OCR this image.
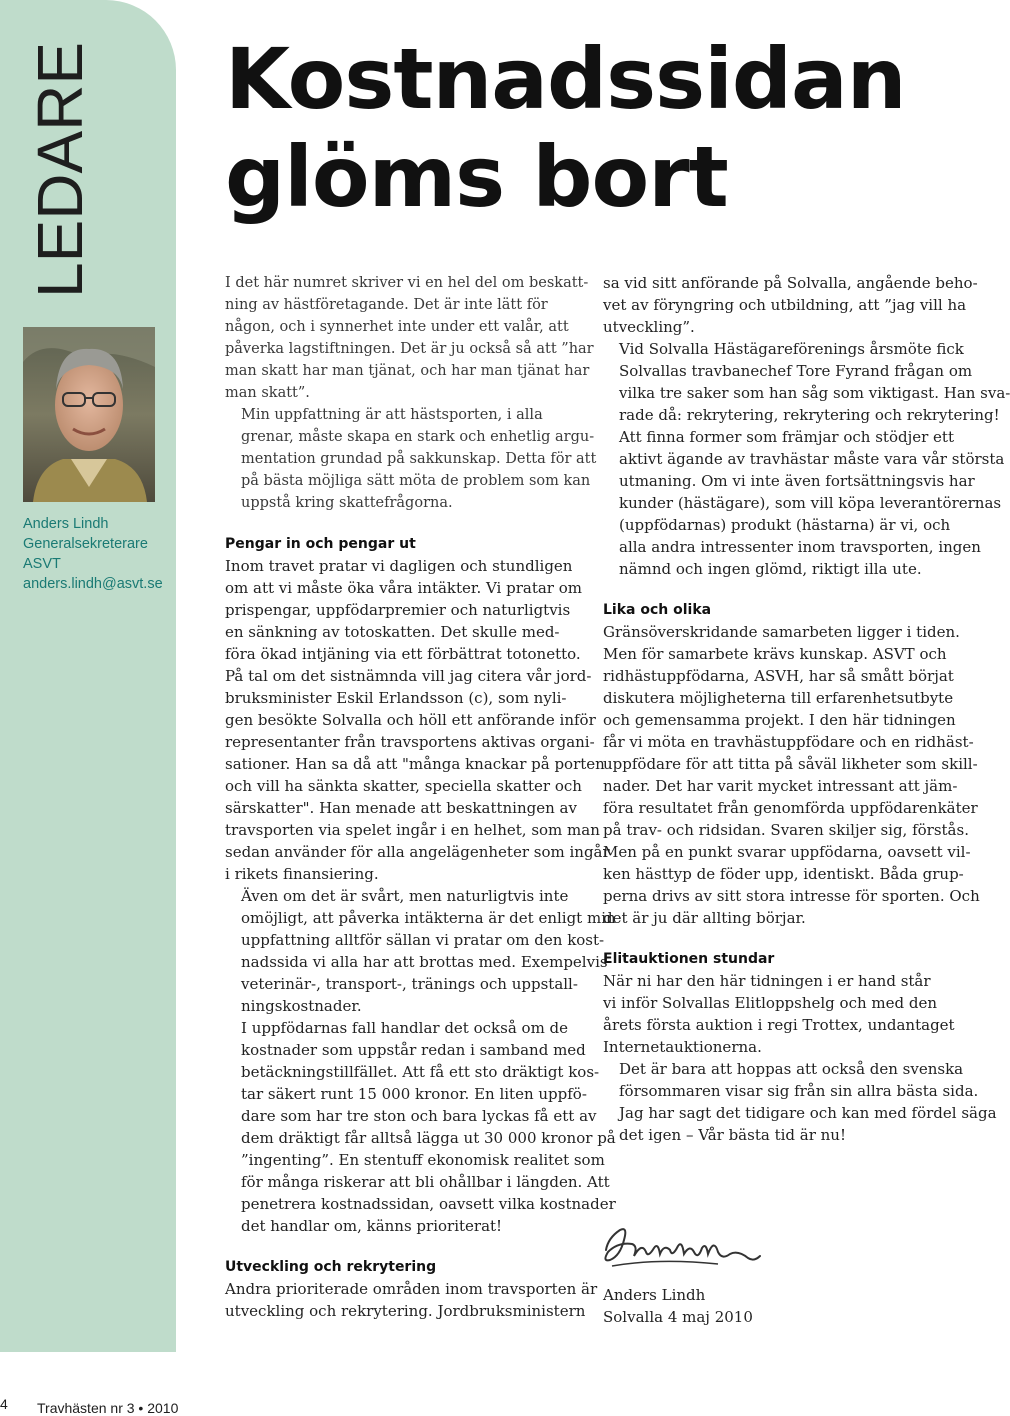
LEDARE
Anders Lindh
Generalsekreterare
ASVT
anders.lindh@asvt.se
Kostnadssidan
glöms bort

I det här numret skriver vi en hel del om beskatt-
ning av hästföretagande. Det är inte lätt för
någon, och i synnerhet inte under ett valår, att
påverka lagstiftningen. Det är ju också så att ”har
man skatt har man tjänat, och har man tjänat har
man skatt”.

Min uppfattning är att hästsporten, i alla
grenar, måste skapa en stark och enhetlig argu-
mentation grundad på sakkunskap. Detta för att
på bästa möjliga sätt möta de problem som kan
uppstå kring skattefrågorna.

Pengar in och pengar ut

Inom travet pratar vi dagligen och stundligen
om att vi måste öka våra intäkter. Vi pratar om
prispengar, uppfödarpremier och naturligtvis
en sänkning av totoskatten. Det skulle med-
föra ökad intjäning via ett förbättrat totonetto.
På tal om det sistnämnda vill jag citera vår jord-
bruksminister Eskil Erlandsson (c), som nyli-
gen besökte Solvalla och höll ett anförande inför
representanter från travsportens aktivas organi-
sationer. Han sa då att "många knackar på porten
och vill ha sänkta skatter, speciella skatter och
särskatter". Han menade att beskattningen av
travsporten via spelet ingår i en helhet, som man
sedan använder för alla angelägenheter som ingår
i rikets finansiering.

Även om det är svårt, men naturligtvis inte
omöjligt, att påverka intäkterna är det enligt min
uppfattning alltför sällan vi pratar om den kost-
nadssida vi alla har att brottas med. Exempelvis
veterinär-, transport-, tränings och uppstall-
ningskostnader.

I uppfödarnas fall handlar det också om de
kostnader som uppstår redan i samband med
betäckningstillfället. Att få ett sto dräktigt kos-
tar säkert runt 15 000 kronor. En liten uppfö-
dare som har tre ston och bara lyckas få ett av
dem dräktigt får alltså lägga ut 30 000 kronor på
”ingenting”. En stentuff ekonomisk realitet som
för många riskerar att bli ohållbar i längden. Att
penetrera kostnadssidan, oavsett vilka kostnader
det handlar om, känns prioriterat!

Utveckling och rekrytering

Andra prioriterade områden inom travsporten är
utveckling och rekrytering. Jordbruksministern

sa vid sitt anförande på Solvalla, angående beho-
vet av föryngring och utbildning, att ”jag vill ha
utveckling”.

Vid Solvalla Hästägareförenings årsmöte fick
Solvallas travbanechef Tore Fyrand frågan om
vilka tre saker som han såg som viktigast. Han sva-
rade då: rekrytering, rekrytering och rekrytering!

Att finna former som främjar och stödjer ett
aktivt ägande av travhästar måste vara vår största
utmaning. Om vi inte även fortsättningsvis har
kunder (hästägare), som vill köpa leverantörernas
(uppfödarnas) produkt (hästarna) är vi, och
alla andra intressenter inom travsporten, ingen
nämnd och ingen glömd, riktigt illa ute.

Lika och olika

Gränsöverskridande samarbeten ligger i tiden.
Men för samarbete krävs kunskap. ASVT och
ridhästuppfödarna, ASVH, har så smått börjat
diskutera möjligheterna till erfarenhetsutbyte
och gemensamma projekt. I den här tidningen
får vi möta en travhästuppfödare och en ridhäst-
uppfödare för att titta på såväl likheter som skill-
nader. Det har varit mycket intressant att jäm-
föra resultatet från genomförda uppfödarenkäter
på trav- och ridsidan. Svaren skiljer sig, förstås.
Men på en punkt svarar uppfödarna, oavsett vil-
ken hästtyp de föder upp, identiskt. Båda grup-
perna drivs av sitt stora intresse för sporten. Och
det är ju där allting börjar.

Elitauktionen stundar

När ni har den här tidningen i er hand står
vi inför Solvallas Elitloppshelg och med den
årets första auktion i regi Trottex, undantaget
Internetauktionerna.

Det är bara att hoppas att också den svenska
försommaren visar sig från sin allra bästa sida.
Jag har sagt det tidigare och kan med fördel säga
det igen – Vår bästa tid är nu!

Anders Lindh
Solvalla 4 maj 2010
4 Travhästen nr 3 • 2010
